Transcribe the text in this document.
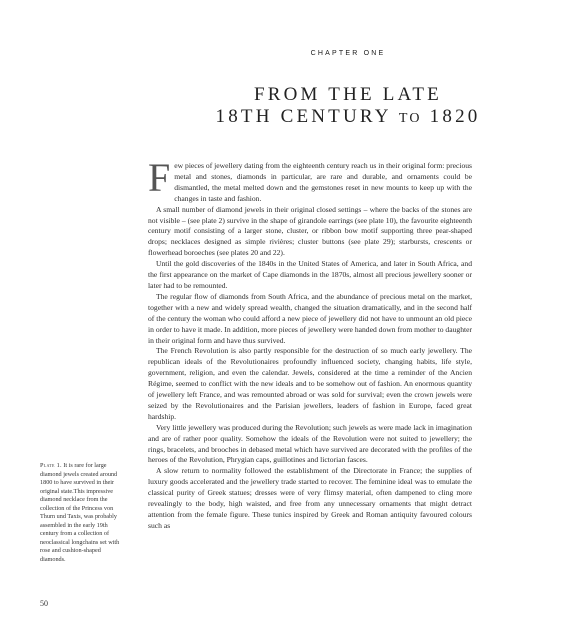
CHAPTER ONE
FROM THE LATE
18TH CENTURY TO 1820

Few pieces of jewellery dating from the eighteenth century reach us in their original form: precious metal and stones, diamonds in particular, are rare and durable, and ornaments could be dismantled, the metal melted down and the gemstones reset in new mounts to keep up with the changes in taste and fashion.

A small number of diamond jewels in their original closed settings – where the backs of the stones are not visible – (see plate 2) survive in the shape of girandole earrings (see plate 10), the favourite eighteenth century motif consisting of a larger stone, cluster, or ribbon bow motif supporting three pear-shaped drops; necklaces designed as simple rivières; cluster buttons (see plate 29); starbursts, crescents or flowerhead boroeches (see plates 20 and 22).

Until the gold discoveries of the 1840s in the United States of America, and later in South Africa, and the first appearance on the market of Cape diamonds in the 1870s, almost all precious jewellery sooner or later had to be remounted.

The regular flow of diamonds from South Africa, and the abundance of precious metal on the market, together with a new and widely spread wealth, changed the situation dramatically, and in the second half of the century the woman who could afford a new piece of jewellery did not have to unmount an old piece in order to have it made. In addition, more pieces of jewellery were handed down from mother to daughter in their original form and have thus survived.

The French Revolution is also partly responsible for the destruction of so much early jewellery. The republican ideals of the Revolutionaires profoundly influenced society, changing habits, life style, government, religion, and even the calendar. Jewels, considered at the time a reminder of the Ancien Régime, seemed to conflict with the new ideals and to be somehow out of fashion. An enormous quantity of jewellery left France, and was remounted abroad or was sold for survival; even the crown jewels were seized by the Revolutionaires and the Parisian jewellers, leaders of fashion in Europe, faced great hardship.

Very little jewellery was produced during the Revolution; such jewels as were made lack in imagination and are of rather poor quality. Somehow the ideals of the Revolution were not suited to jewellery; the rings, bracelets, and brooches in debased metal which have survived are decorated with the profiles of the heroes of the Revolution, Phrygian caps, guillotines and lictorian fasces.

A slow return to normality followed the establishment of the Directorate in France; the supplies of luxury goods accelerated and the jewellery trade started to recover. The feminine ideal was to emulate the classical purity of Greek statues; dresses were of very flimsy material, often dampened to cling more revealingly to the body, high waisted, and free from any unnecessary ornaments that might detract attention from the female figure. These tunics inspired by Greek and Roman antiquity favoured colours such as

Plate 1. It is rare for large diamond jewels created around 1800 to have survived in their original state.This impressive diamond necklace from the collection of the Princess von Thurn und Taxis, was probably assembled in the early 19th century from a collection of neoclassical longchains set with rose and cushion-shaped diamonds.
50
